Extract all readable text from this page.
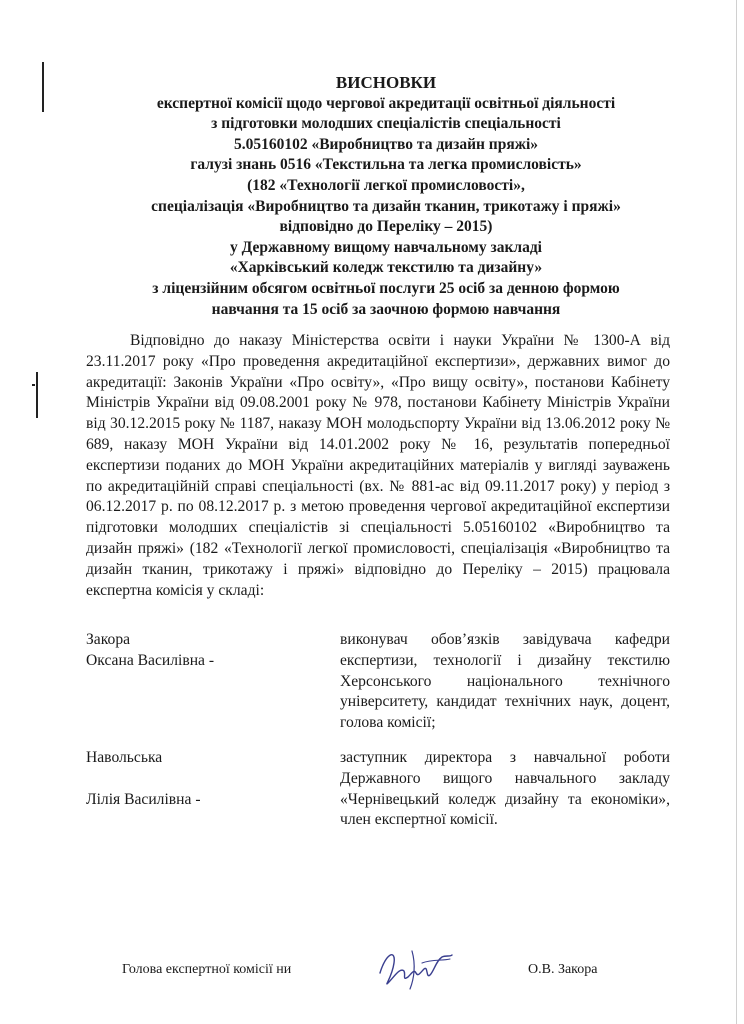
ВИСНОВКИ
експертної комісії щодо чергової акредитації освітньої діяльності
з підготовки молодших спеціалістів спеціальності
5.05160102 «Виробництво та дизайн пряжі»
галузі знань 0516 «Текстильна та легка промисловість»
(182 «Технології легкої промисловості»,
спеціалізація «Виробництво та дизайн тканин, трикотажу і пряжі»
відповідно до Переліку – 2015)
у Державному вищому навчальному закладі
«Харківський коледж текстилю та дизайну»
з ліцензійним обсягом освітньої послуги 25 осіб за денною формою
навчання та 15 осіб за заочною формою навчання
Відповідно до наказу Міністерства освіти і науки України № 1300-А від 23.11.2017 року «Про проведення акредитаційної експертизи», державних вимог до акредитації: Законів України «Про освіту», «Про вищу освіту», постанови Кабінету Міністрів України від 09.08.2001 року № 978, постанови Кабінету Міністрів України від 30.12.2015 року № 1187, наказу МОН молодьспорту України від 13.06.2012 року № 689, наказу МОН України від 14.01.2002 року № 16, результатів попередньої експертизи поданих до МОН України акредитаційних матеріалів у вигляді зауважень по акредитаційній справі спеціальності (вх. № 881-ас від 09.11.2017 року) у період з 06.12.2017 р. по 08.12.2017 р. з метою проведення чергової акредитаційної експертизи підготовки молодших спеціалістів зі спеціальності 5.05160102 «Виробництво та дизайн пряжі» (182 «Технології легкої промисловості, спеціалізація «Виробництво та дизайн тканин, трикотажу і пряжі» відповідно до Переліку – 2015) працювала експертна комісія у складі:
Закора
Оксана Василівна -
виконувач обов’язків завідувача кафедри експертизи, технології і дизайну текстилю Херсонського національного технічного університету, кандидат технічних наук, доцент, голова комісії;
Навольська
Лілія Василівна -
заступник директора з навчальної роботи Державного вищого навчального закладу «Чернівецький коледж дизайну та економіки», член експертної комісії.
Голова експертної комісії ни	О.В. Закора
